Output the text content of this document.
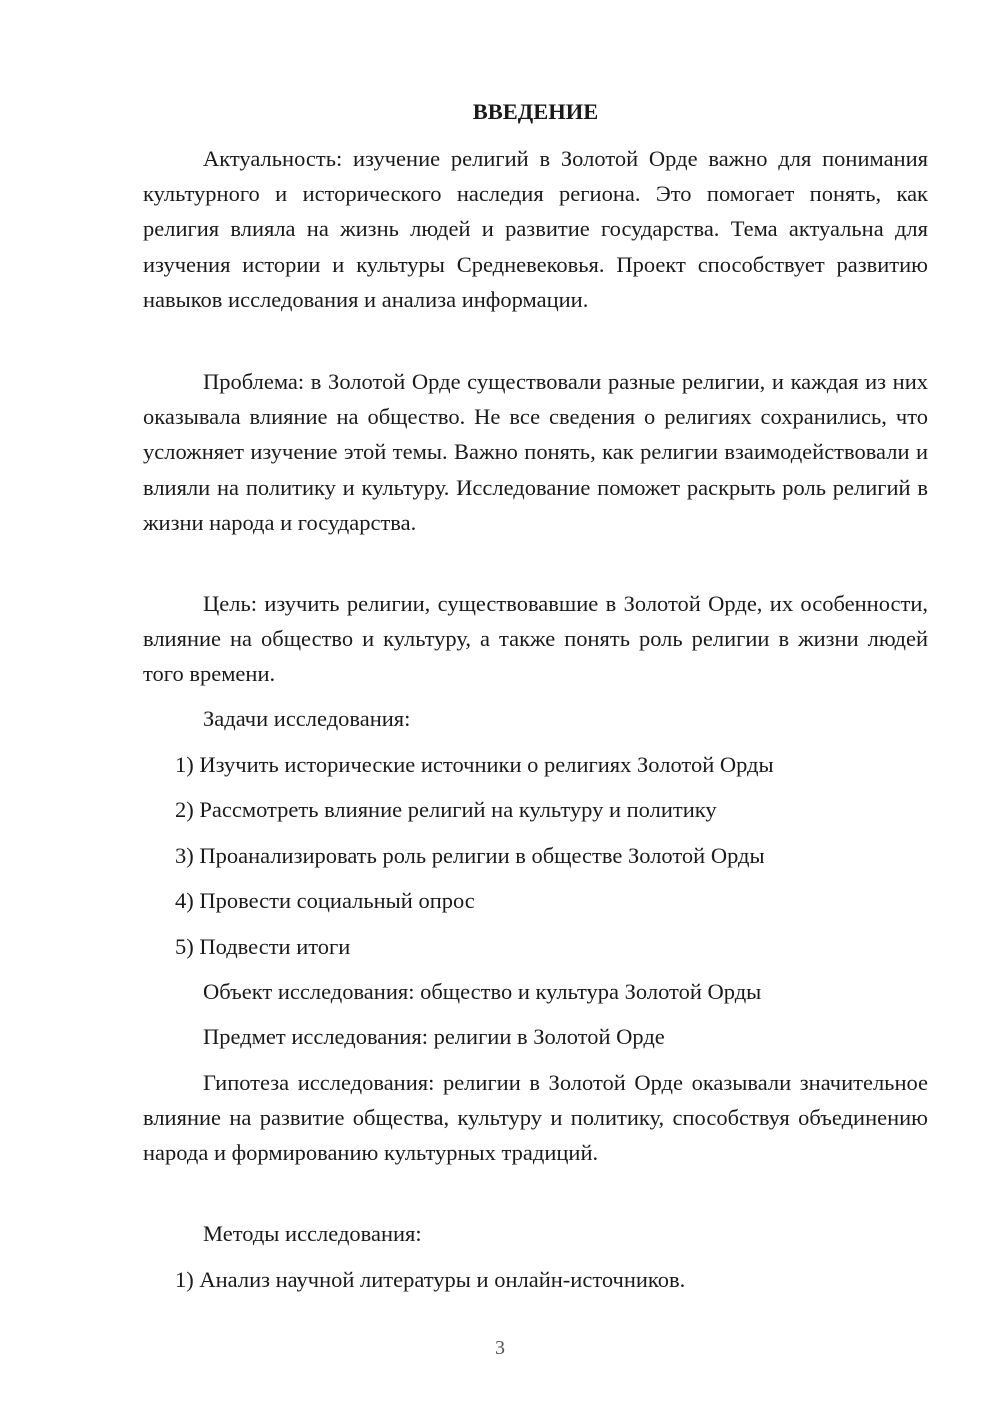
ВВЕДЕНИЕ

Актуальность: изучение религий в Золотой Орде важно для понимания культурного и исторического наследия региона. Это помогает понять, как религия влияла на жизнь людей и развитие государства. Тема актуальна для изучения истории и культуры Средневековья. Проект способствует развитию навыков исследования и анализа информации.

Проблема: в Золотой Орде существовали разные религии, и каждая из них оказывала влияние на общество. Не все сведения о религиях сохранились, что усложняет изучение этой темы. Важно понять, как религии взаимодействовали и влияли на политику и культуру. Исследование поможет раскрыть роль религий в жизни народа и государства.

Цель: изучить религии, существовавшие в Золотой Орде, их особенности, влияние на общество и культуру, а также понять роль религии в жизни людей того времени.

Задачи исследования:

1) Изучить исторические источники о религиях Золотой Орды

2) Рассмотреть влияние религий на культуру и политику

3) Проанализировать роль религии в обществе Золотой Орды

4) Провести социальный опрос

5) Подвести итоги

Объект исследования: общество и культура Золотой Орды

Предмет исследования: религии в Золотой Орде

Гипотеза исследования: религии в Золотой Орде оказывали значительное влияние на развитие общества, культуру и политику, способствуя объединению народа и формированию культурных традиций.

Методы исследования:

1) Анализ научной литературы и онлайн-источников.

3
